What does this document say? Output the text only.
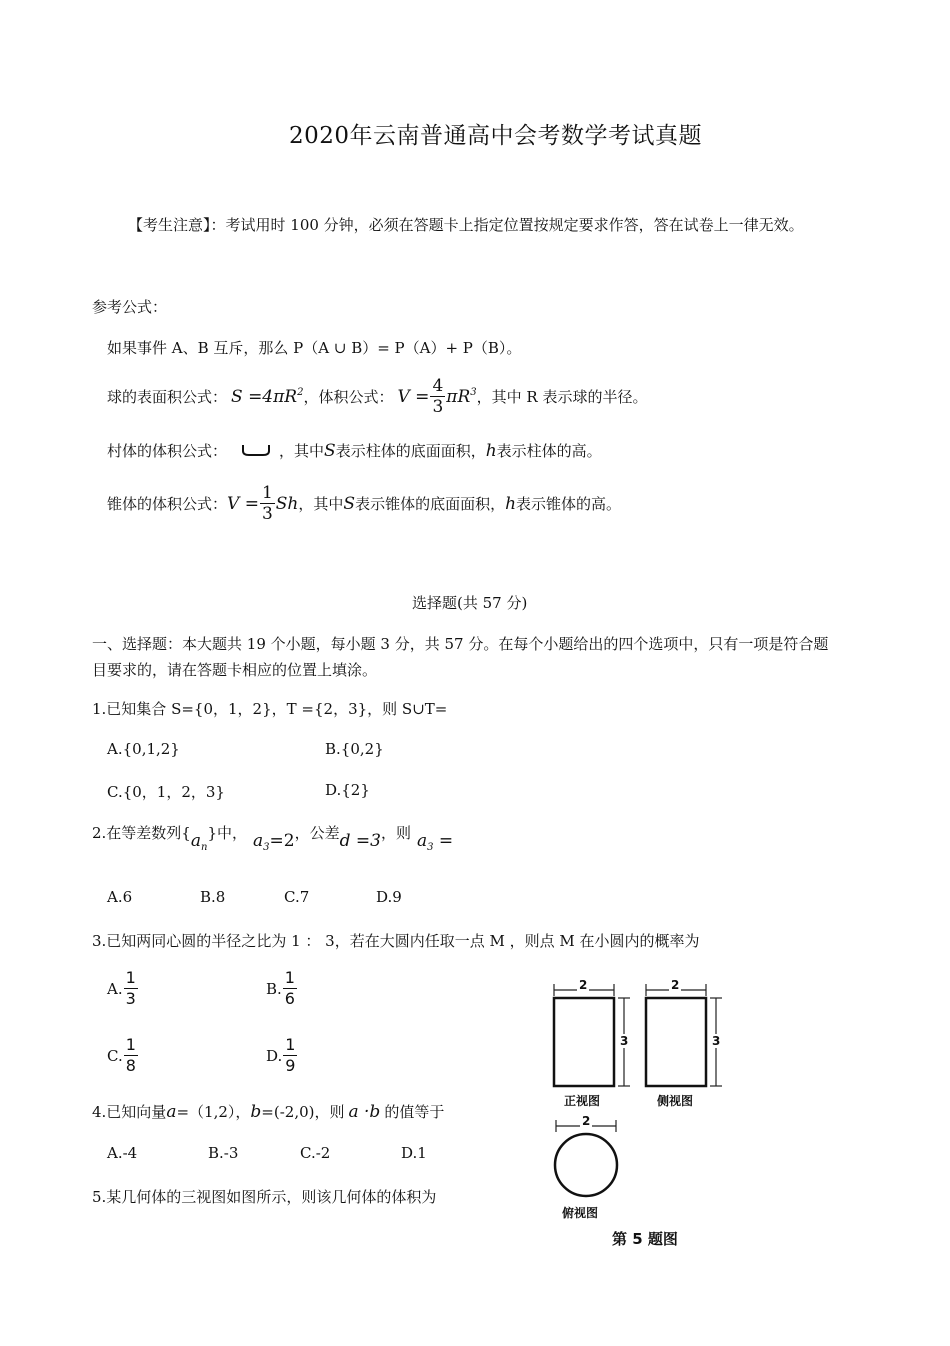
2020年云南普通高中会考数学考试真题
【考生注意】：考试用时 100 分钟，必须在答题卡上指定位置按规定要求作答，答在试卷上一律无效。
参考公式：
如果事件 A、B 互斥，那么 P（A ∪ B）= P（A）+ P（B）。
球的表面积公式： $S =4\pi R^2$ ，体积公式： $V = \frac{4}{3} \pi R^3$ ，其中 R 表示球的半径。
村体的体积公式：	，其中 S 表示柱体的底面面积， h 表示柱体的高。
锥体的体积公式： $V = \frac{1}{3}$ Sh ，其中 S 表示锥体的底面面积， h 表示锥体的高。
选择题(共 57 分)
一、选择题：本大题共 19 个小题，每小题 3 分，共 57 分。在每个小题给出的四个选项中，只有一项是符合题
目要求的，请在答题卡相应的位置上填涂。
1.已知集合 S={0，1，2}，T ={2，3}，则 S∪T=
A.{0,1,2}	B.{0,2}
C.{0，1，2，3}	D.{2}
2.在等差数列{ $a_n$
}中， $a_3=2$ ，公差 d =3 ，则 $a_3$ =
A.6	B.8	C.7	D.9
3.已知两同心圆的半径之比为 1 ： 3，若在大圆内任取一点 M ，则点 M 在小圆内的概率为
A. $\frac{1}{3}$	B. $\frac{1}{6}$
C. $\frac{1}{8}$	D. $\frac{1}{9}$
4.已知向量 a =（1,2）， b =(-2,0)，则 a ·b 的值等于
A.-4	B.-3	C.-2	D.1
5.某几何体的三视图如图所示，则该几何体的体积为
2
3
正视图
2
3
侧视图
2
俯视图
第 5 题图
